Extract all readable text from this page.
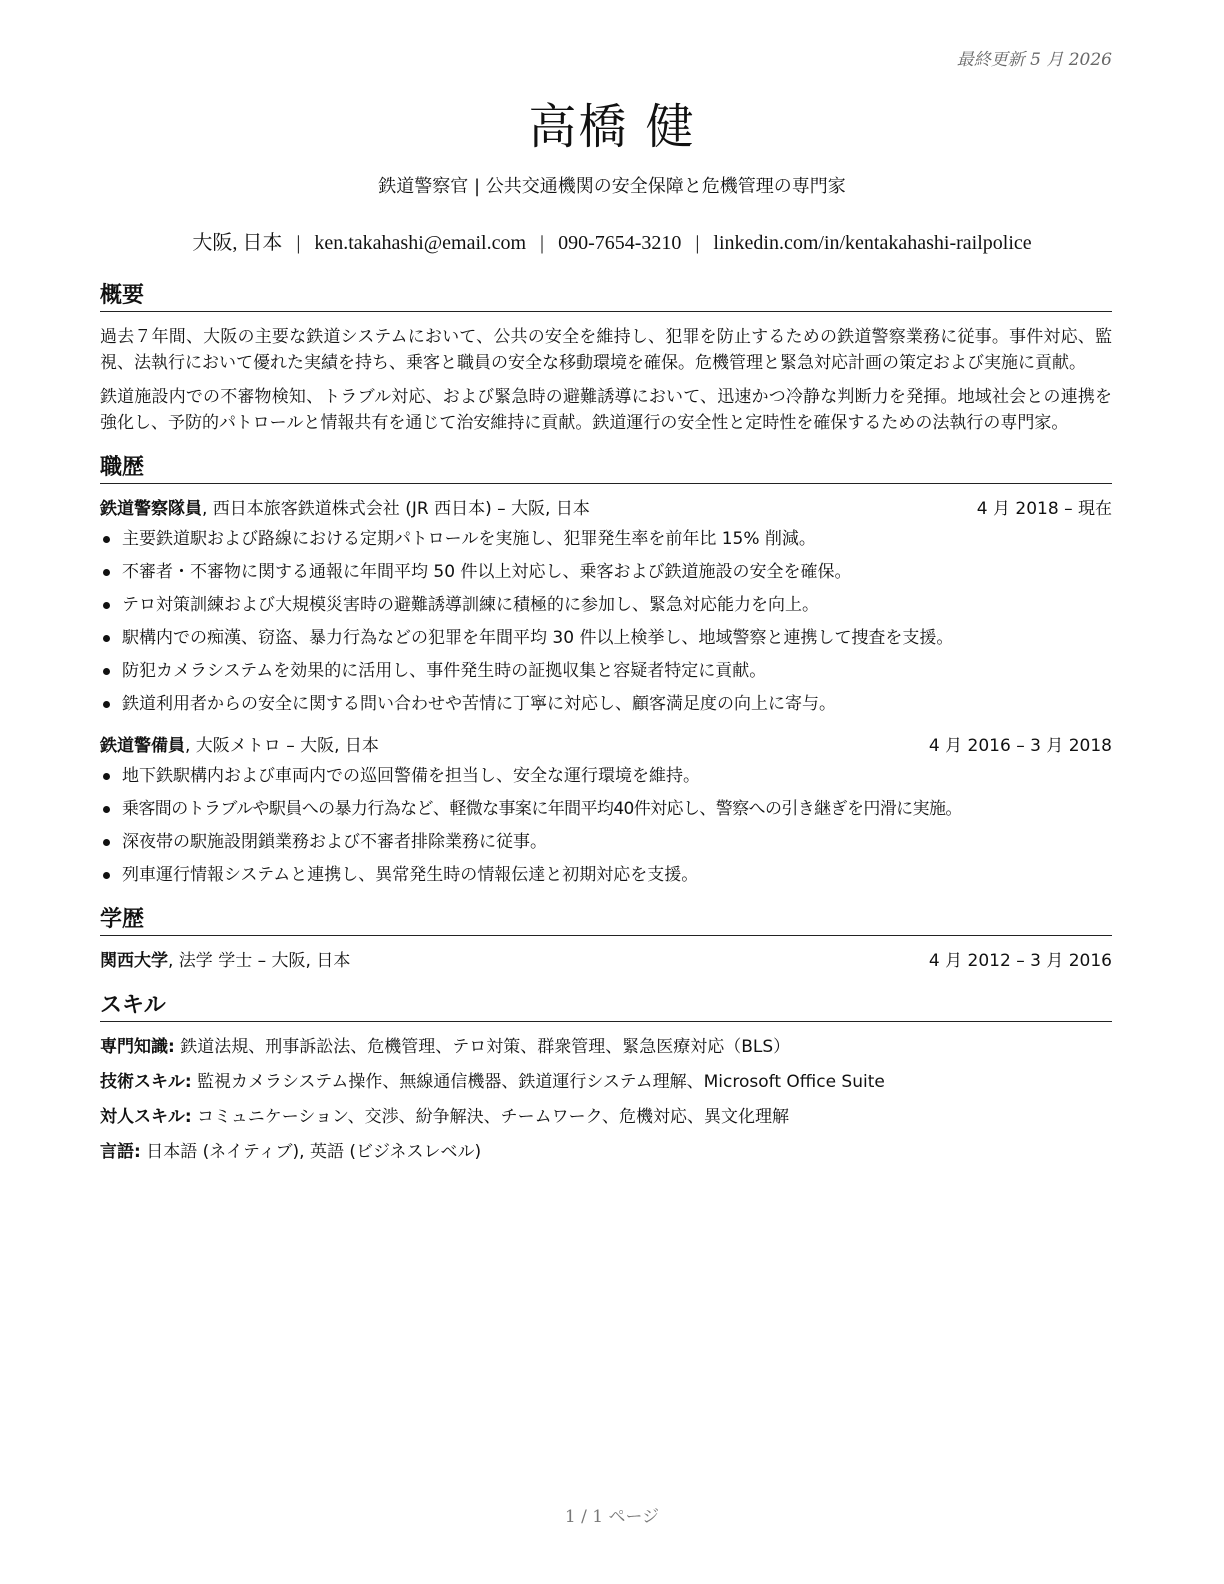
最終更新 5 月 2026
高橋 健
鉄道警察官 | 公共交通機関の安全保障と危機管理の専門家
大阪, 日本 | ken.takahashi@email.com | 090-7654-3210 | linkedin.com/in/kentakahashi-railpolice
概要

過去７年間、大阪の主要な鉄道システムにおいて、公共の安全を維持し、犯罪を防止するための鉄道警察業務に従事。事件対応、監視、法執行において優れた実績を持ち、乗客と職員の安全な移動環境を確保。危機管理と緊急対応計画の策定および実施に貢献。

鉄道施設内での不審物検知、トラブル対応、および緊急時の避難誘導において、迅速かつ冷静な判断力を発揮。地域社会との連携を強化し、予防的パトロールと情報共有を通じて治安維持に貢献。鉄道運行の安全性と定時性を確保するための法執行の専門家。

職歴
鉄道警察隊員, 西日本旅客鉄道株式会社 (JR 西日本) – 大阪, 日本	4 月 2018 – 現在
主要鉄道駅および路線における定期パトロールを実施し、犯罪発生率を前年比 15% 削減。
不審者・不審物に関する通報に年間平均 50 件以上対応し、乗客および鉄道施設の安全を確保。
テロ対策訓練および大規模災害時の避難誘導訓練に積極的に参加し、緊急対応能力を向上。
駅構内での痴漢、窃盗、暴力行為などの犯罪を年間平均 30 件以上検挙し、地域警察と連携して捜査を支援。
防犯カメラシステムを効果的に活用し、事件発生時の証拠収集と容疑者特定に貢献。
鉄道利用者からの安全に関する問い合わせや苦情に丁寧に対応し、顧客満足度の向上に寄与。
鉄道警備員, 大阪メトロ – 大阪, 日本	4 月 2016 – 3 月 2018
地下鉄駅構内および車両内での巡回警備を担当し、安全な運行環境を維持。
乗客間のトラブルや駅員への暴力行為など、軽微な事案に年間平均40件対応し、警察への引き継ぎを円滑に実施。
深夜帯の駅施設閉鎖業務および不審者排除業務に従事。
列車運行情報システムと連携し、異常発生時の情報伝達と初期対応を支援。
学歴
関西大学, 法学 学士 – 大阪, 日本	4 月 2012 – 3 月 2016
スキル
専門知識: 鉄道法規、刑事訴訟法、危機管理、テロ対策、群衆管理、緊急医療対応（BLS）
技術スキル: 監視カメラシステム操作、無線通信機器、鉄道運行システム理解、Microsoft Office Suite
対人スキル: コミュニケーション、交渉、紛争解決、チームワーク、危機対応、異文化理解
言語: 日本語 (ネイティブ), 英語 (ビジネスレベル)
1 / 1 ページ
